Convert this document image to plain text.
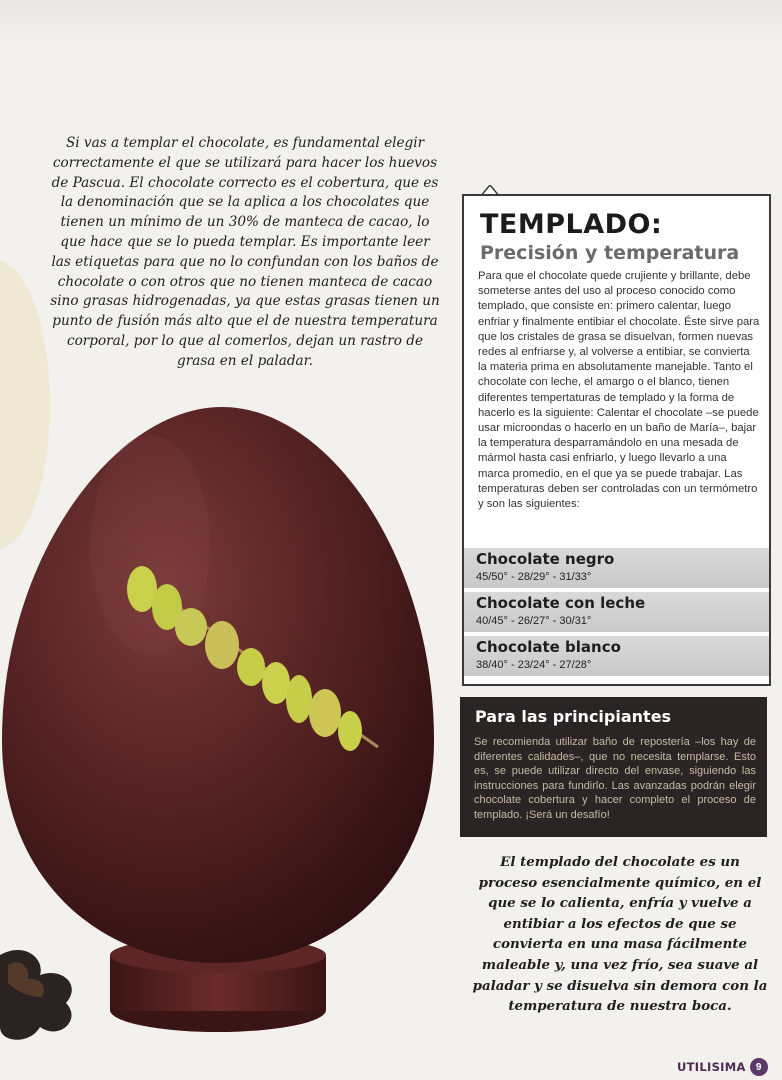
Si vas a templar el chocolate, es fundamental elegir correctamente el que se utilizará para hacer los huevos de Pascua. El chocolate correcto es el cobertura, que es la denominación que se la aplica a los chocolates que tienen un mínimo de un 30% de manteca de cacao, lo que hace que se lo pueda templar. Es importante leer las etiquetas para que no lo confundan con los baños de chocolate o con otros que no tienen manteca de cacao sino grasas hidrogenadas, ya que estas grasas tienen un punto de fusión más alto que el de nuestra temperatura corporal, por lo que al comerlos, dejan un rastro de grasa en el paladar.

TEMPLADO:
Precisión y temperatura

Para que el chocolate quede crujiente y brillante, debe someterse antes del uso al proceso conocido como templado, que consiste en: primero calentar, luego enfriar y finalmente entibiar el chocolate. Éste sirve para que los cristales de grasa se disuelvan, formen nuevas redes al enfriarse y, al volverse a entibiar, se convierta la materia prima en absolutamente manejable. Tanto el chocolate con leche, el amargo o el blanco, tienen diferentes tempertaturas de templado y la forma de hacerlo es la siguiente: Calentar el chocolate –se puede usar microondas o hacerlo en un baño de María–, bajar la temperatura desparramándolo en una mesada de mármol hasta casi enfriarlo, y luego llevarlo a una marca promedio, en el que ya se puede trabajar. Las temperaturas deben ser controladas con un termómetro y son las siguientes:

Chocolate negro

45/50° - 28/29° - 31/33°

Chocolate con leche

40/45° - 26/27° - 30/31°

Chocolate blanco

38/40° - 23/24° - 27/28°

Para las principiantes

Se recomienda utilizar baño de repostería –los hay de diferentes calidades–, que no necesita templarse. Esto es, se puede utilizar directo del envase, siguiendo las instrucciones para fundirlo. Las avanzadas podrán elegir chocolate cobertura y hacer completo el proceso de templado. ¡Será un desafío!

El templado del chocolate es un proceso esencialmente químico, en el que se lo calienta, enfría y vuelve a entibiar a los efectos de que se convierta en una masa fácilmente maleable y, una vez frío, sea suave al paladar y se disuelva sin demora con la temperatura de nuestra boca.

UTILISIMA	9
